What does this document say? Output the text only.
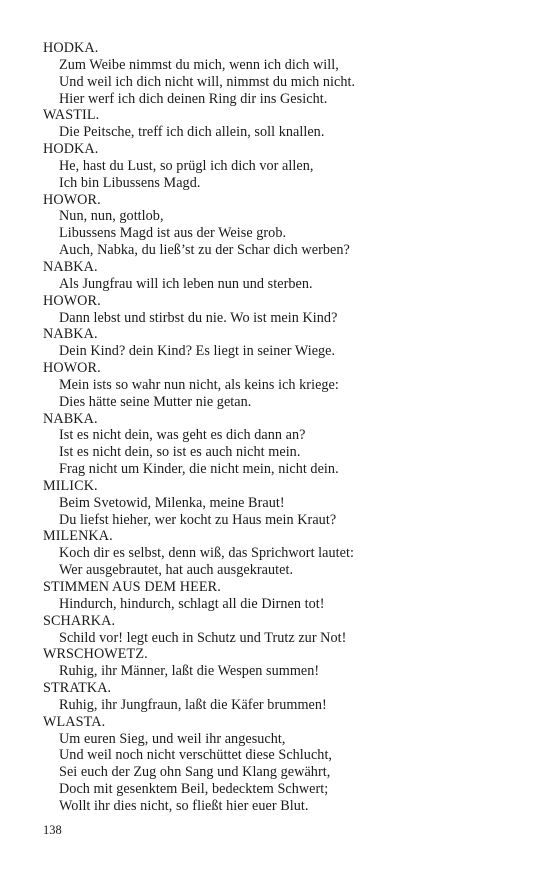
HODKA.
Zum Weibe nimmst du mich, wenn ich dich will,
Und weil ich dich nicht will, nimmst du mich nicht.
Hier werf ich dich deinen Ring dir ins Gesicht.
WASTIL.
Die Peitsche, treff ich dich allein, soll knallen.
HODKA.
He, hast du Lust, so prügl ich dich vor allen,
Ich bin Libussens Magd.
HOWOR.
Nun, nun, gottlob,
Libussens Magd ist aus der Weise grob.
Auch, Nabka, du ließ’st zu der Schar dich werben?
NABKA.
Als Jungfrau will ich leben nun und sterben.
HOWOR.
Dann lebst und stirbst du nie. Wo ist mein Kind?
NABKA.
Dein Kind? dein Kind? Es liegt in seiner Wiege.
HOWOR.
Mein ists so wahr nun nicht, als keins ich kriege:
Dies hätte seine Mutter nie getan.
NABKA.
Ist es nicht dein, was geht es dich dann an?
Ist es nicht dein, so ist es auch nicht mein.
Frag nicht um Kinder, die nicht mein, nicht dein.
MILICK.
Beim Svetowid, Milenka, meine Braut!
Du liefst hieher, wer kocht zu Haus mein Kraut?
MILENKA.
Koch dir es selbst, denn wiß, das Sprichwort lautet:
Wer ausgebrautet, hat auch ausgekrautet.
STIMMEN AUS DEM HEER.
Hindurch, hindurch, schlagt all die Dirnen tot!
SCHARKA.
Schild vor! legt euch in Schutz und Trutz zur Not!
WRSCHOWETZ.
Ruhig, ihr Männer, laßt die Wespen summen!
STRATKA.
Ruhig, ihr Jungfraun, laßt die Käfer brummen!
WLASTA.
Um euren Sieg, und weil ihr angesucht,
Und weil noch nicht verschüttet diese Schlucht,
Sei euch der Zug ohn Sang und Klang gewährt,
Doch mit gesenktem Beil, bedecktem Schwert;
Wollt ihr dies nicht, so fließt hier euer Blut.
138
